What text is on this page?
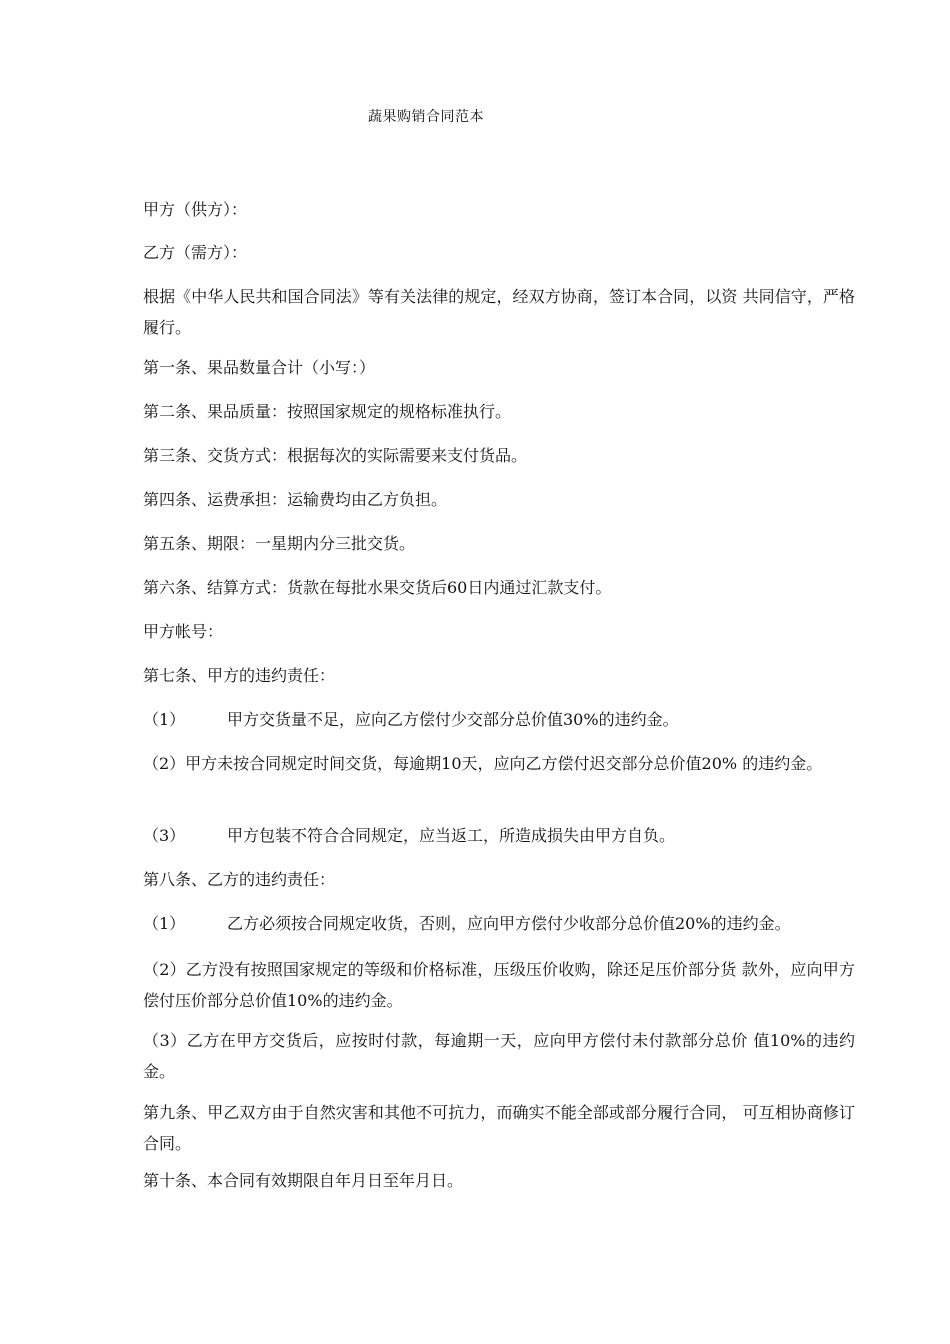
蔬果购销合同范本
甲方（供方）：
乙方（需方）：
根据《中华人民共和国合同法》等有关法律的规定，经双方协商，签订本合同，以资 共同信守，严格履行。
第一条、果品数量合计（小写：）
第二条、果品质量：按照国家规定的规格标准执行。
第三条、交货方式：根据每次的实际需要来支付货品。
第四条、运费承担：运输费均由乙方负担。
第五条、期限：一星期内分三批交货。
第六条、结算方式：货款在每批水果交货后60日内通过汇款支付。
甲方帐号：
第七条、甲方的违约责任：
（1）	甲方交货量不足，应向乙方偿付少交部分总价值30%的违约金。
（2）甲方未按合同规定时间交货，每逾期10天，应向乙方偿付迟交部分总价值20% 的违约金。
（3）	甲方包装不符合合同规定，应当返工，所造成损失由甲方自负。
第八条、乙方的违约责任：
（1）	乙方必须按合同规定收货，否则，应向甲方偿付少收部分总价值20%的违约金。
（2）乙方没有按照国家规定的等级和价格标准，压级压价收购，除还足压价部分货 款外，应向甲方偿付压价部分总价值10%的违约金。
（3）乙方在甲方交货后，应按时付款，每逾期一天，应向甲方偿付未付款部分总价 值10%的违约金。
第九条、甲乙双方由于自然灾害和其他不可抗力，而确实不能全部或部分履行合同， 可互相协商修订合同。
第十条、本合同有效期限自年月日至年月日。
